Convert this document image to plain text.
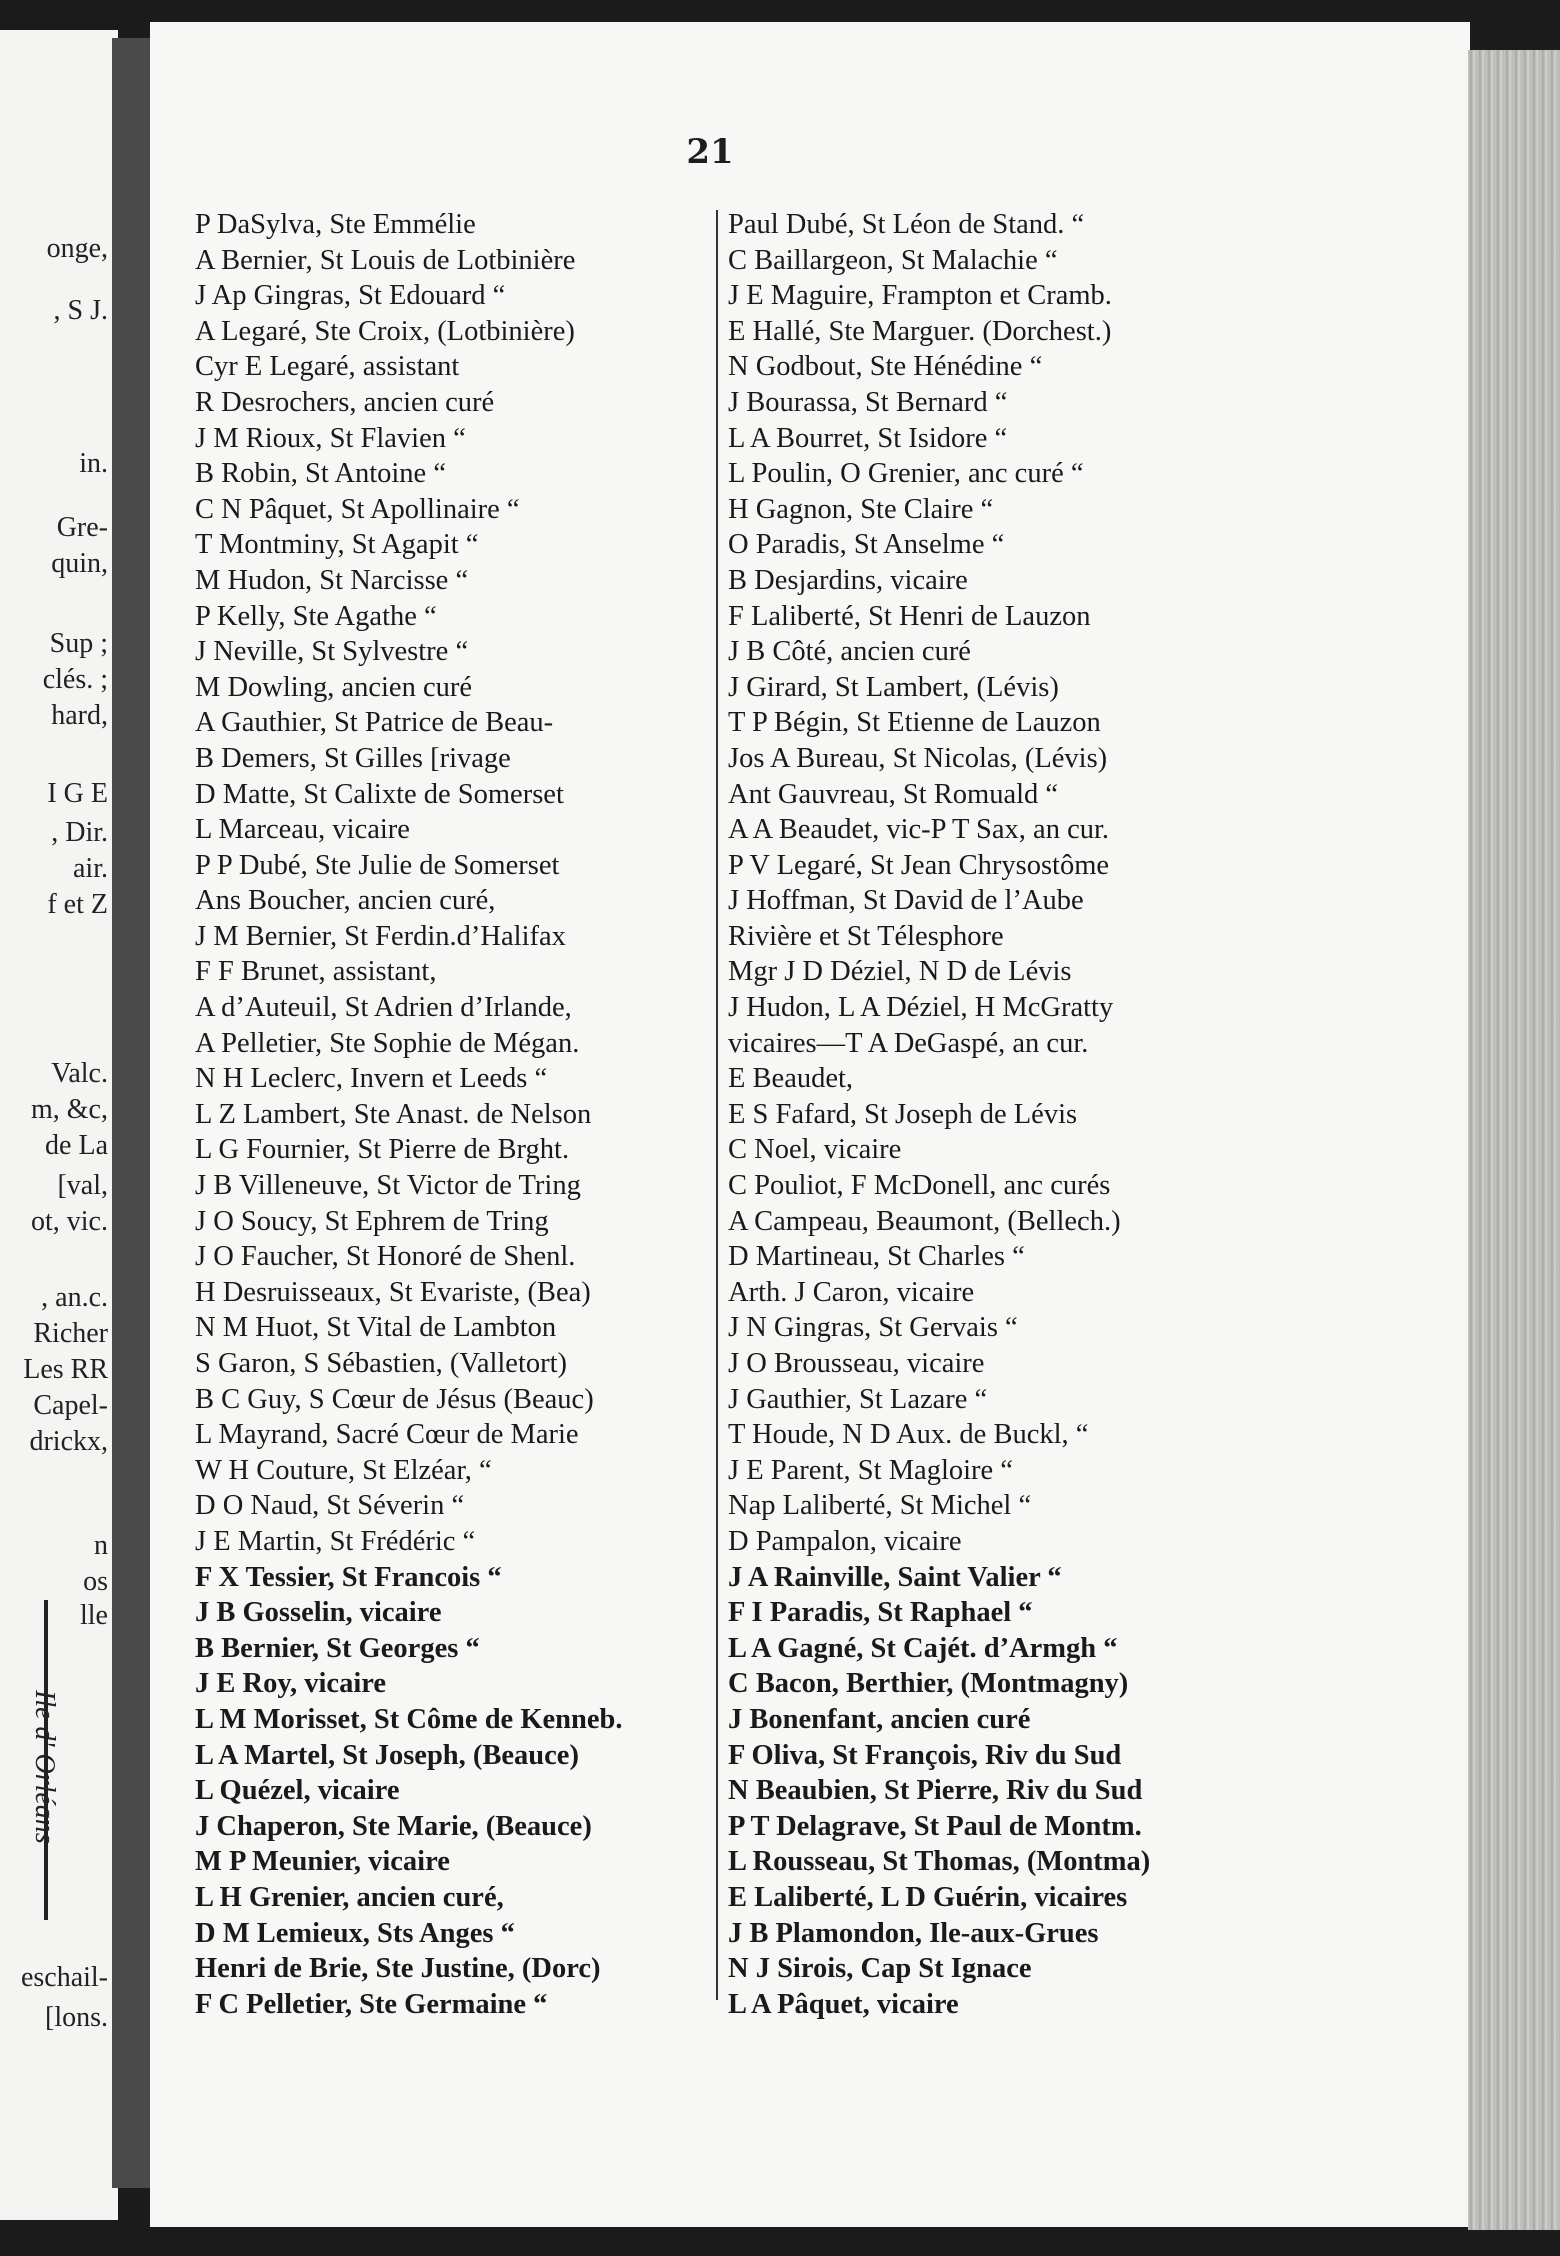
onge,
, S J.
in.
Gre-
quin,
Sup ;
clés. ;
hard,
I G E
, Dir.
air.
f et Z
Valc.
m, &c,
de La
[val,
ot, vic.
, an.c.
Richer
Les RR
Capel-
drickx,
n
os
lle
eschail-
[lons.
21
P DaSylva, Ste Emmélie
A Bernier, St Louis de Lotbinière
J Ap Gingras, St Edouard “
A Legaré, Ste Croix, (Lotbinière)
Cyr E Legaré, assistant
R Desrochers, ancien curé
J M Rioux, St Flavien “
B Robin, St Antoine “
C N Pâquet, St Apollinaire “
T Montminy, St Agapit “
M Hudon, St Narcisse “
P Kelly, Ste Agathe “
J Neville, St Sylvestre “
M Dowling, ancien curé
A Gauthier, St Patrice de Beau-
B Demers, St Gilles [rivage
D Matte, St Calixte de Somerset
L Marceau, vicaire
P P Dubé, Ste Julie de Somerset
Ans Boucher, ancien curé,
J M Bernier, St Ferdin.d’Halifax
F F Brunet, assistant,
A d’Auteuil, St Adrien d’Irlande,
A Pelletier, Ste Sophie de Mégan.
N H Leclerc, Invern et Leeds “
L Z Lambert, Ste Anast. de Nelson
L G Fournier, St Pierre de Brght.
J B Villeneuve, St Victor de Tring
J O Soucy, St Ephrem de Tring
J O Faucher, St Honoré de Shenl.
H Desruisseaux, St Evariste, (Bea)
N M Huot, St Vital de Lambton
S Garon, S Sébastien, (Valletort)
B C Guy, S Cœur de Jésus (Beauc)
L Mayrand, Sacré Cœur de Marie
W H Couture, St Elzéar, “
D O Naud, St Séverin “
J E Martin, St Frédéric “
F X Tessier, St Francois “
J B Gosselin, vicaire
B Bernier, St Georges “
J E Roy, vicaire
L M Morisset, St Côme de Kenneb.
L A Martel, St Joseph, (Beauce)
L Quézel, vicaire
J Chaperon, Ste Marie, (Beauce)
M P Meunier, vicaire
L H Grenier, ancien curé,
D M Lemieux, Sts Anges “
Henri de Brie, Ste Justine, (Dorc)
F C Pelletier, Ste Germaine “
Paul Dubé, St Léon de Stand. “
C Baillargeon, St Malachie “
J E Maguire, Frampton et Cramb.
E Hallé, Ste Marguer. (Dorchest.)
N Godbout, Ste Hénédine “
J Bourassa, St Bernard “
L A Bourret, St Isidore “
L Poulin, O Grenier, anc curé “
H Gagnon, Ste Claire “
O Paradis, St Anselme “
B Desjardins, vicaire
F Laliberté, St Henri de Lauzon
J B Côté, ancien curé
J Girard, St Lambert, (Lévis)
T P Bégin, St Etienne de Lauzon
Jos A Bureau, St Nicolas, (Lévis)
Ant Gauvreau, St Romuald “
A A Beaudet, vic-P T Sax, an cur.
P V Legaré, St Jean Chrysostôme
J Hoffman, St David de l’Aube
Rivière et St Télesphore
Mgr J D Déziel, N D de Lévis
J Hudon, L A Déziel, H McGratty
vicaires—T A DeGaspé, an cur.
E Beaudet,
E S Fafard, St Joseph de Lévis
C Noel, vicaire
C Pouliot, F McDonell, anc curés
A Campeau, Beaumont, (Bellech.)
D Martineau, St Charles “
Arth. J Caron, vicaire
J N Gingras, St Gervais “
J O Brousseau, vicaire
J Gauthier, St Lazare “
T Houde, N D Aux. de Buckl, “
J E Parent, St Magloire “
Nap Laliberté, St Michel “
D Pampalon, vicaire
J A Rainville, Saint Valier “
F I Paradis, St Raphael “
L A Gagné, St Cajét. d’Armgh “
C Bacon, Berthier, (Montmagny)
J Bonenfant, ancien curé
F Oliva, St François, Riv du Sud
N Beaubien, St Pierre, Riv du Sud
P T Delagrave, St Paul de Montm.
L Rousseau, St Thomas, (Montma)
E Laliberté, L D Guérin, vicaires
J B Plamondon, Ile-aux-Grues
N J Sirois, Cap St Ignace
L A Pâquet, vicaire
Ile d' Orléans
